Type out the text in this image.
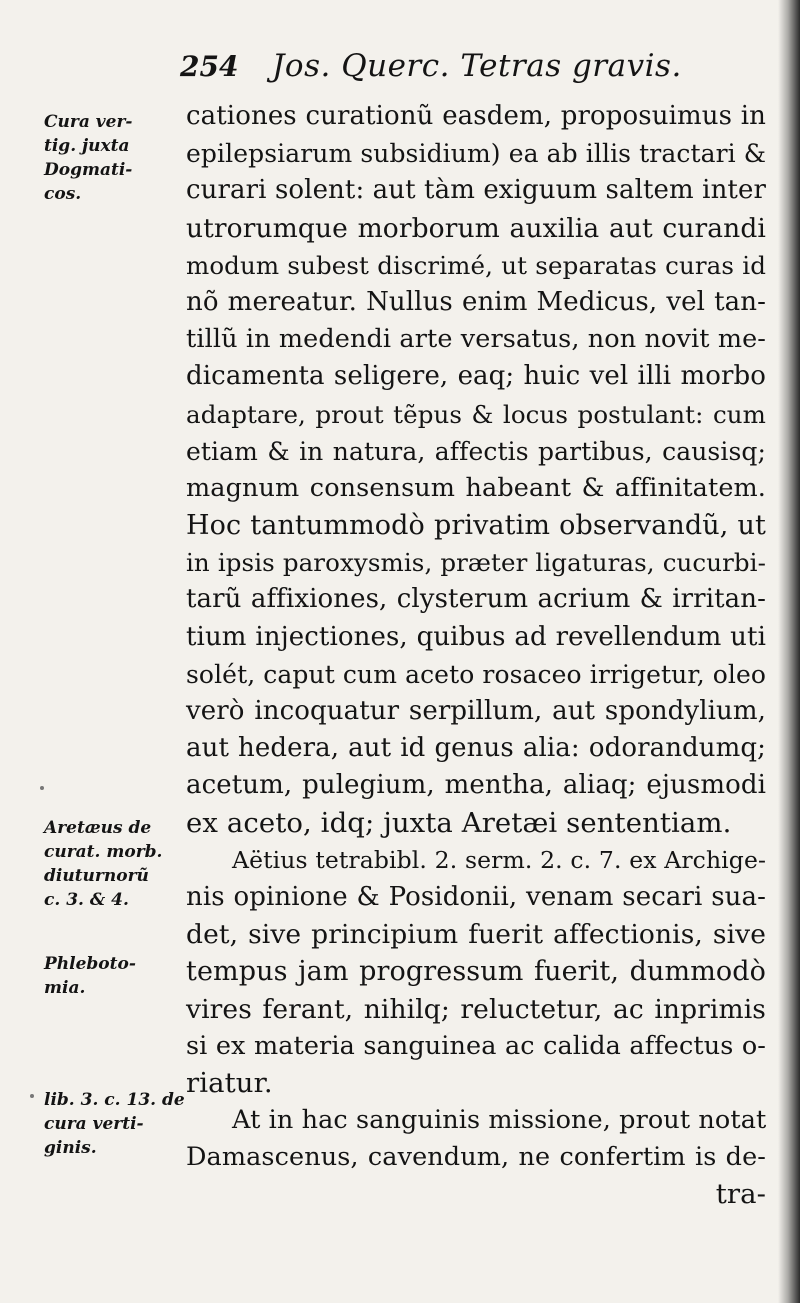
254 Jos. Querc. Tetras gravis.
Cura ver-
tig. juxta
Dogmati-
cos.
Aretæus de
curat. morb.
diuturnorũ
c. 3. & 4.
Phleboto-
mia.
lib. 3. c. 13. de
cura verti-
ginis.
cationes curationũ easdem, proposuimus in
epilepsiarum subsidium) ea ab illis tractari &
curari solent: aut tàm exiguum saltem inter
utrorumque morborum auxilia aut curandi
modum subest discrimé, ut separatas curas id
nõ mereatur. Nullus enim Medicus, vel tan-
tillũ in medendi arte versatus, non novit me-
dicamenta seligere, eaq; huic vel illi morbo
adaptare, prout tẽpus & locus postulant: cum
etiam & in natura, affectis partibus, causisq;
magnum consensum habeant & affinitatem.
Hoc tantummodò privatim observandũ, ut
in ipsis paroxysmis, præter ligaturas, cucurbi-
tarũ affixiones, clysterum acrium & irritan-
tium injectiones, quibus ad revellendum uti
solét, caput cum aceto rosaceo irrigetur, oleo
verò incoquatur serpillum, aut spondylium,
aut hedera, aut id genus alia: odorandumq;
acetum, pulegium, mentha, aliaq; ejusmodi
ex aceto, idq; juxta Aretæi sententiam.
Aëtius tetrabibl. 2. serm. 2. c. 7. ex Archige-
nis opinione & Posidonii, venam secari sua-
det, sive principium fuerit affectionis, sive
tempus jam progressum fuerit, dummodò
vires ferant, nihilq; reluctetur, ac inprimis
si ex materia sanguinea ac calida affectus o-
riatur.
At in hac sanguinis missione, prout notat
Damascenus, cavendum, ne confertim is de-
tra-
